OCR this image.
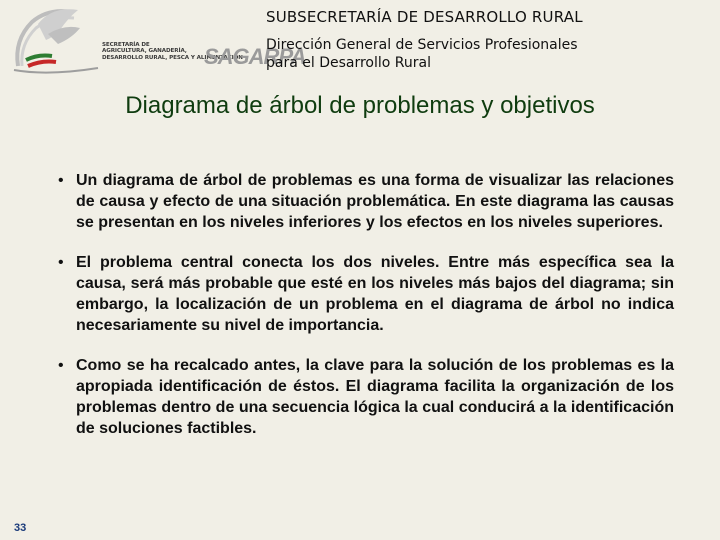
SECRETARÍA DE
AGRICULTURA, GANADERÍA,
DESARROLLO RURAL, PESCA Y ALIMENTACIÓN
SAGARPA
SUBSECRETARÍA DE DESARROLLO RURAL
Dirección General de Servicios Profesionales
para el Desarrollo Rural
Diagrama de árbol de problemas y objetivos
• Un diagrama de árbol de problemas es una forma de visualizar las relaciones de causa y efecto de una situación problemática. En este diagrama las causas se presentan en los niveles inferiores y los efectos en los niveles superiores.
• El problema central conecta los dos niveles. Entre más específica sea la causa, será más probable que esté en los niveles más bajos del diagrama; sin embargo, la localización de un problema en el diagrama de árbol no indica necesariamente su nivel de importancia.
• Como se ha recalcado antes, la clave para la solución de los problemas es la apropiada identificación de éstos. El diagrama facilita la organización de los problemas dentro de una secuencia lógica la cual conducirá a la identificación de soluciones factibles.
33
